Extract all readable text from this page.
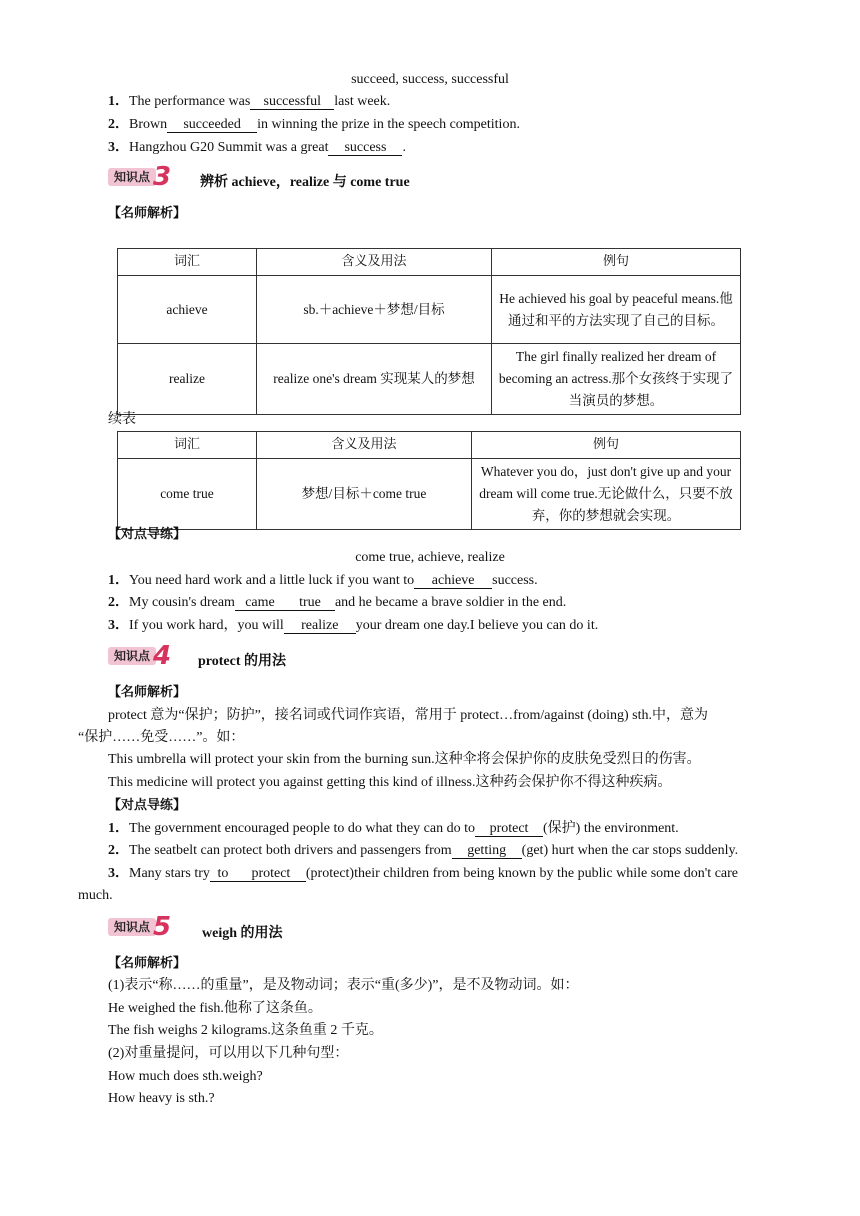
succeed, success, successful
1．The performance was successful last week.
2．Brown succeeded in winning the prize in the speech competition.
3．Hangzhou G20 Summit was a great success .
知识点 3 辨析 achieve，realize 与 come true
【名师解析】
词汇	含义及用法	例句
achieve	sb.＋achieve＋梦想/目标	He achieved his goal by peaceful means.他通过和平的方法实现了自己的目标。
realize	realize one's dream 实现某人的梦想	The girl finally realized her dream of becoming an actress.那个女孩终于实现了当演员的梦想。
续表
词汇	含义及用法	例句
come true	梦想/目标＋come true	Whatever you do，just don't give up and your dream will come true.无论做什么，只要不放弃，你的梦想就会实现。
【对点导练】
come true, achieve, realize
1．You need hard work and a little luck if you want to achieve success.
2．My cousin's dream came true and he became a brave soldier in the end.
3．If you work hard，you will realize your dream one day.I believe you can do it.
知识点 4 protect 的用法
【名师解析】
protect 意为“保护；防护”，接名词或代词作宾语，常用于 protect…from/against (doing) sth.中，意为
“保护……免受……”。如：
This umbrella will protect your skin from the burning sun.这种伞将会保护你的皮肤免受烈日的伤害。
This medicine will protect you against getting this kind of illness.这种药会保护你不得这种疾病。
【对点导练】
1．The government encouraged people to do what they can do to protect (保护) the environment.
2．The seatbelt can protect both drivers and passengers from getting (get) hurt when the car stops suddenly.
3．Many stars try to protect (protect)their children from being known by the public while some don't care
much.
知识点 5 weigh 的用法
【名师解析】
(1)表示“称……的重量”，是及物动词；表示“重(多少)”，是不及物动词。如：
He weighed the fish.他称了这条鱼。
The fish weighs 2 kilograms.这条鱼重 2 千克。
(2)对重量提问，可以用以下几种句型：
How much does sth.weigh?
How heavy is sth.?
